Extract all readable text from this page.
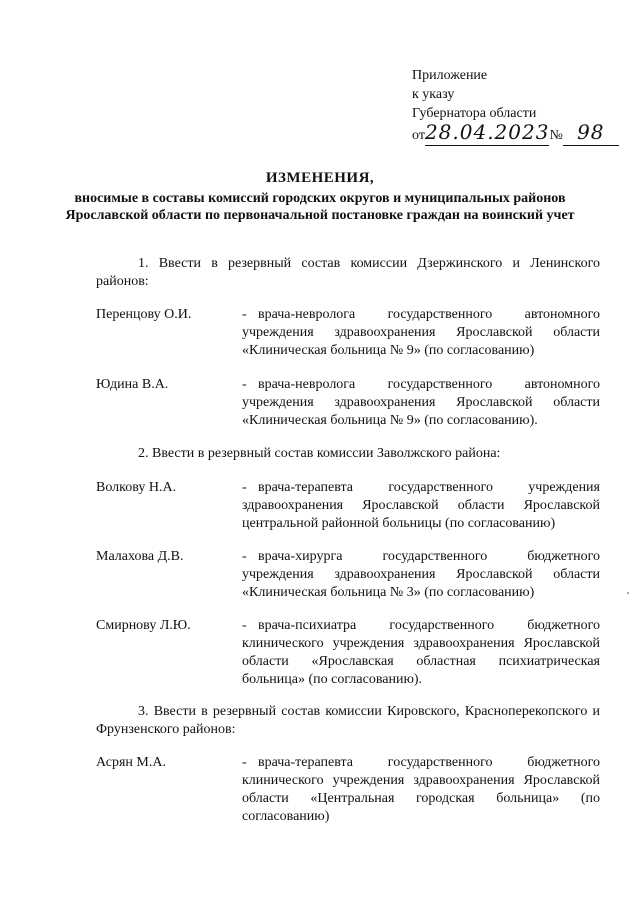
Приложение
к указу
Губернатора области
от28.04.2023№ 98
ИЗМЕНЕНИЯ,
вносимые в составы комиссий городских округов и муниципальных районов Ярославской области по первоначальной постановке граждан на воинский учет
1. Ввести в резервный состав комиссии Дзержинского и Ленинского районов:
Перенцову О.И.	- врача-невролога государственного автономного учреждения здравоохранения Ярославской области «Клиническая больница № 9» (по согласованию)
Юдина В.А.	- врача-невролога государственного автономного учреждения здравоохранения Ярославской области «Клиническая больница № 9» (по согласованию).
2. Ввести в резервный состав комиссии Заволжского района:
Волкову Н.А.	- врача-терапевта государственного учреждения здравоохранения Ярославской области Ярославской центральной районной больницы (по согласованию)
Малахова Д.В.	- врача-хирурга государственного бюджетного учреждения здравоохранения Ярославской области «Клиническая больница № 3» (по согласованию)
Смирнову Л.Ю.	- врача-психиатра государственного бюджетного клинического учреждения здравоохранения Ярославской области «Ярославская областная психиатрическая больница» (по согласованию).
3. Ввести в резервный состав комиссии Кировского, Красноперекопского и Фрунзенского районов:
Асрян М.А.	- врача-терапевта государственного бюджетного клинического учреждения здравоохранения Ярославской области «Центральная городская больница» (по согласованию)
